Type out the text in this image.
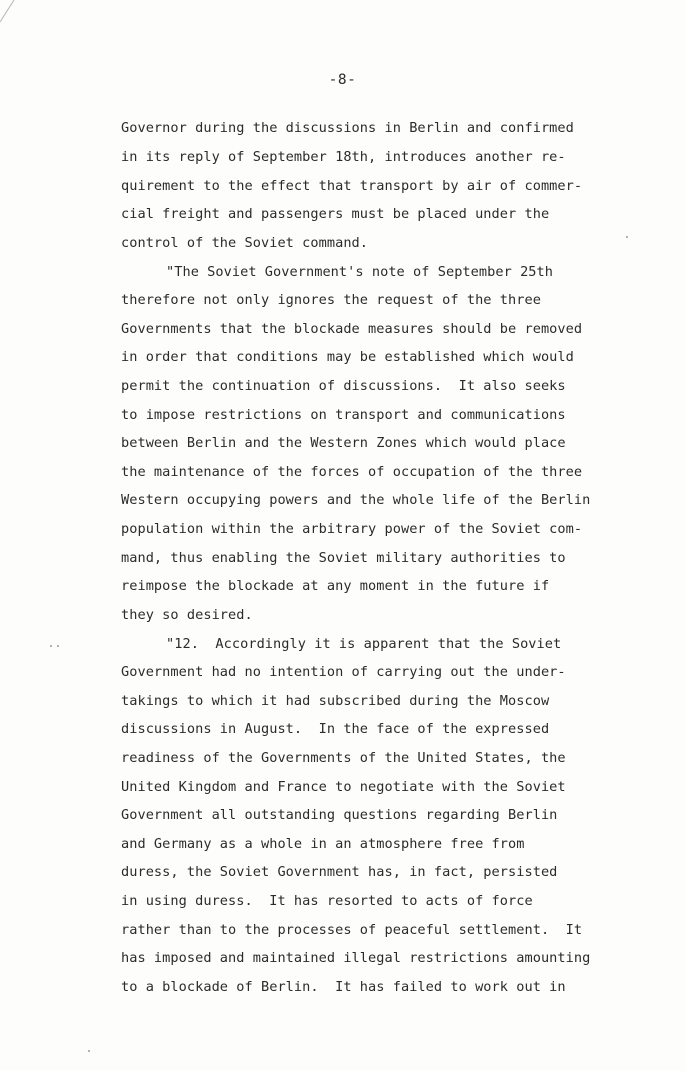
-8-
Governor during the discussions in Berlin and confirmed
in its reply of September 18th, introduces another re-
quirement to the effect that transport by air of commer-
cial freight and passengers must be placed under the
control of the Soviet command.
"The Soviet Government's note of September 25th
therefore not only ignores the request of the three
Governments that the blockade measures should be removed
in order that conditions may be established which would
permit the continuation of discussions.  It also seeks
to impose restrictions on transport and communications
between Berlin and the Western Zones which would place
the maintenance of the forces of occupation of the three
Western occupying powers and the whole life of the Berlin
population within the arbitrary power of the Soviet com-
mand, thus enabling the Soviet military authorities to
reimpose the blockade at any moment in the future if
they so desired.
"12.  Accordingly it is apparent that the Soviet
Government had no intention of carrying out the under-
takings to which it had subscribed during the Moscow
discussions in August.  In the face of the expressed
readiness of the Governments of the United States, the
United Kingdom and France to negotiate with the Soviet
Government all outstanding questions regarding Berlin
and Germany as a whole in an atmosphere free from
duress, the Soviet Government has, in fact, persisted
in using duress.  It has resorted to acts of force
rather than to the processes of peaceful settlement.  It
has imposed and maintained illegal restrictions amounting
to a blockade of Berlin.  It has failed to work out in
